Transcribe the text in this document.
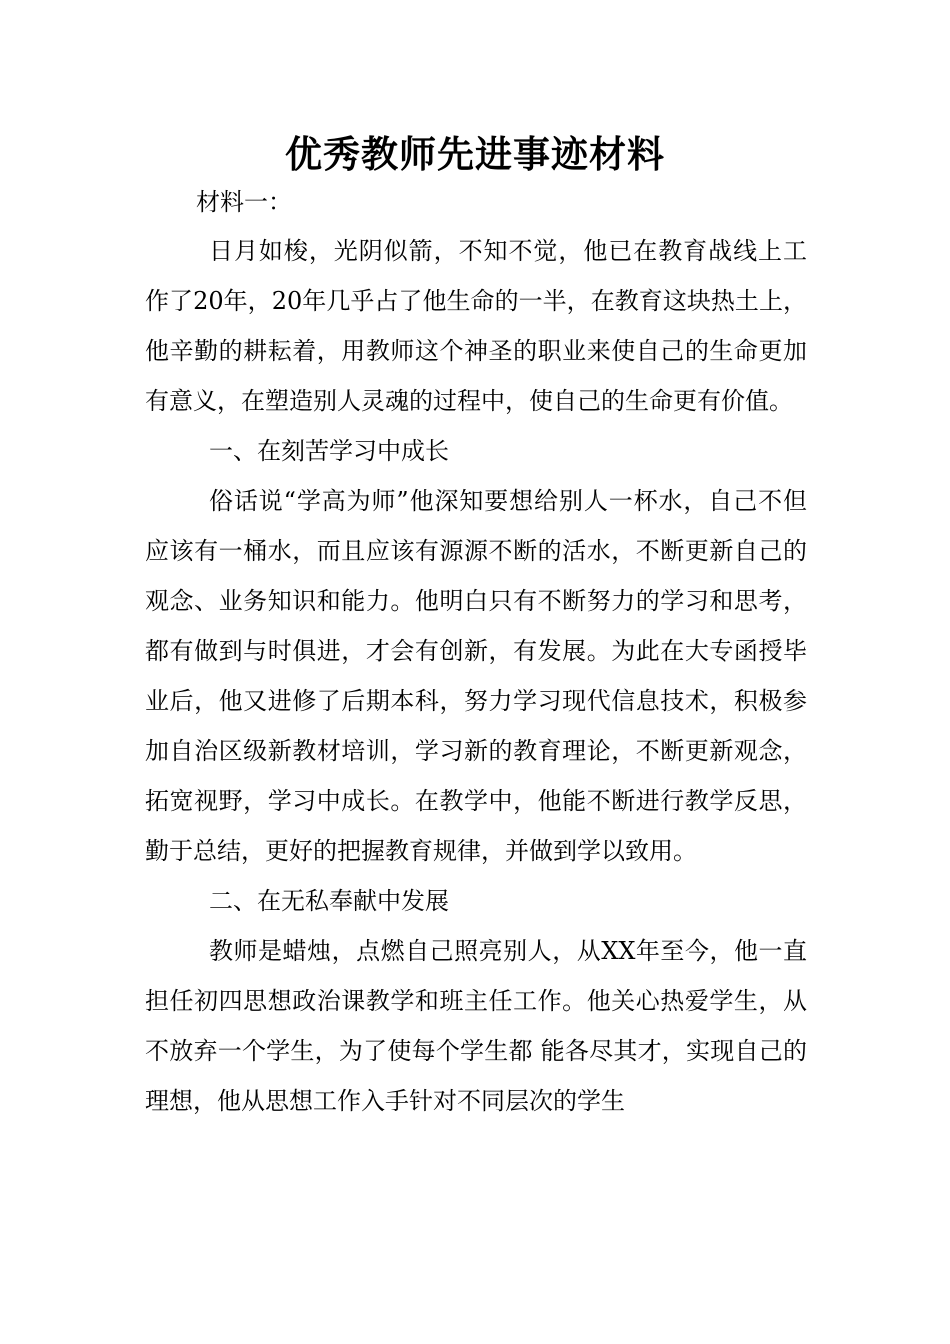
优秀教师先进事迹材料

材料一：

日月如梭，光阴似箭，不知不觉，他已在教育战线上工作了20年，20年几乎占了他生命的一半，在教育这块热土上，他辛勤的耕耘着，用教师这个神圣的职业来使自己的生命更加有意义，在塑造别人灵魂的过程中，使自己的生命更有价值。

一、在刻苦学习中成长

俗话说“学高为师”他深知要想给别人一杯水，自己不但应该有一桶水，而且应该有源源不断的活水，不断更新自己的观念、业务知识和能力。他明白只有不断努力的学习和思考，都有做到与时俱进，才会有创新，有发展。为此在大专函授毕业后，他又进修了后期本科，努力学习现代信息技术，积极参加自治区级新教材培训，学习新的教育理论，不断更新观念，拓宽视野，学习中成长。在教学中，他能不断进行教学反思，勤于总结，更好的把握教育规律，并做到学以致用。

二、在无私奉献中发展

教师是蜡烛，点燃自己照亮别人，从XX年至今，他一直担任初四思想政治课教学和班主任工作。他关心热爱学生，从不放弃一个学生，为了使每个学生都 能各尽其才，实现自己的理想，他从思想工作入手针对不同层次的学生
